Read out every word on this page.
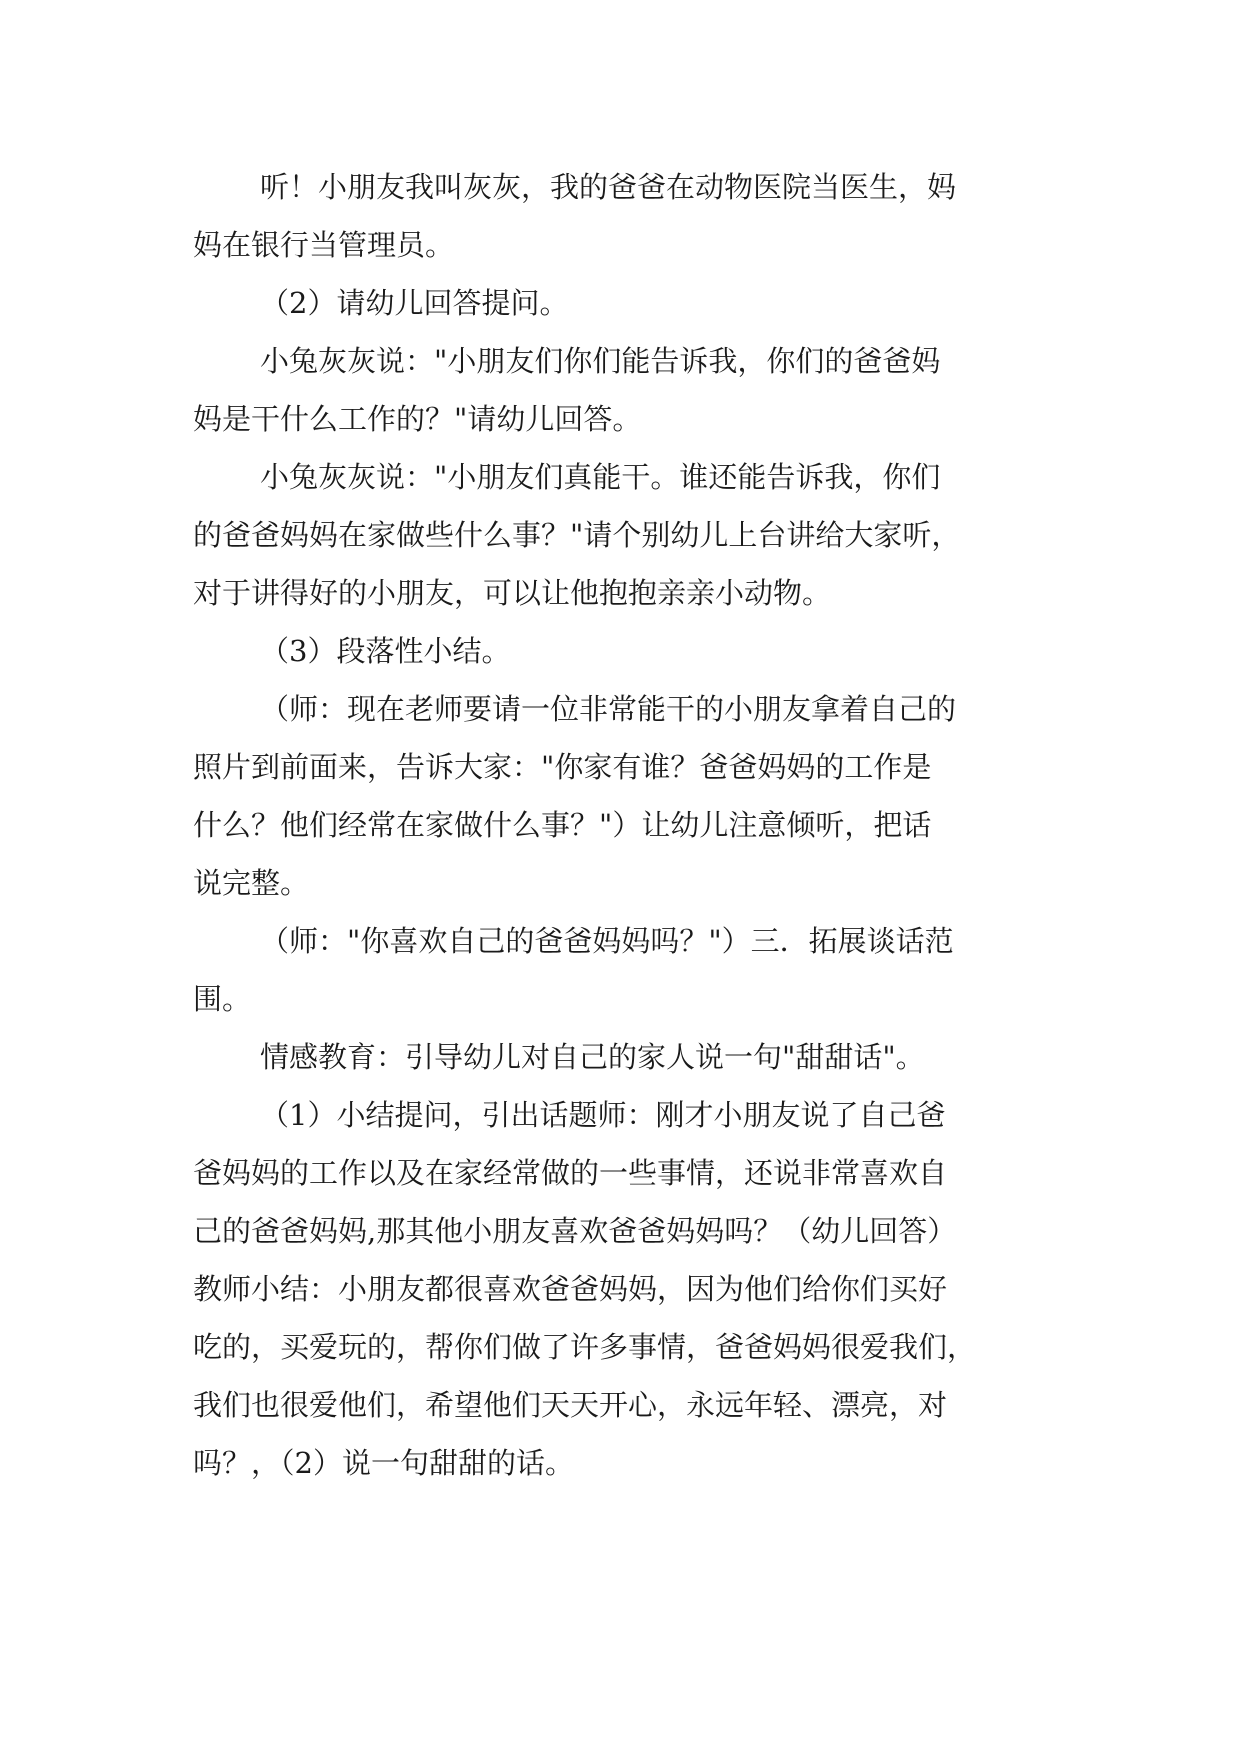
听！小朋友我叫灰灰，我的爸爸在动物医院当医生，妈

妈在银行当管理员。

（2）请幼儿回答提问。

小兔灰灰说："小朋友们你们能告诉我，你们的爸爸妈

妈是干什么工作的？"请幼儿回答。

小兔灰灰说："小朋友们真能干。谁还能告诉我，你们

的爸爸妈妈在家做些什么事？"请个别幼儿上台讲给大家听，

对于讲得好的小朋友，可以让他抱抱亲亲小动物。

（3）段落性小结。

（师：现在老师要请一位非常能干的小朋友拿着自己的

照片到前面来，告诉大家："你家有谁？爸爸妈妈的工作是

什么？他们经常在家做什么事？"）让幼儿注意倾听，把话

说完整。

（师："你喜欢自己的爸爸妈妈吗？"）三．拓展谈话范

围。

情感教育：引导幼儿对自己的家人说一句"甜甜话"。

（1）小结提问，引出话题师：刚才小朋友说了自己爸

爸妈妈的工作以及在家经常做的一些事情，还说非常喜欢自

己的爸爸妈妈,那其他小朋友喜欢爸爸妈妈吗？（幼儿回答）

教师小结：小朋友都很喜欢爸爸妈妈，因为他们给你们买好

吃的，买爱玩的，帮你们做了许多事情，爸爸妈妈很爱我们，

我们也很爱他们，希望他们天天开心，永远年轻、漂亮，对

吗？，（2）说一句甜甜的话。
